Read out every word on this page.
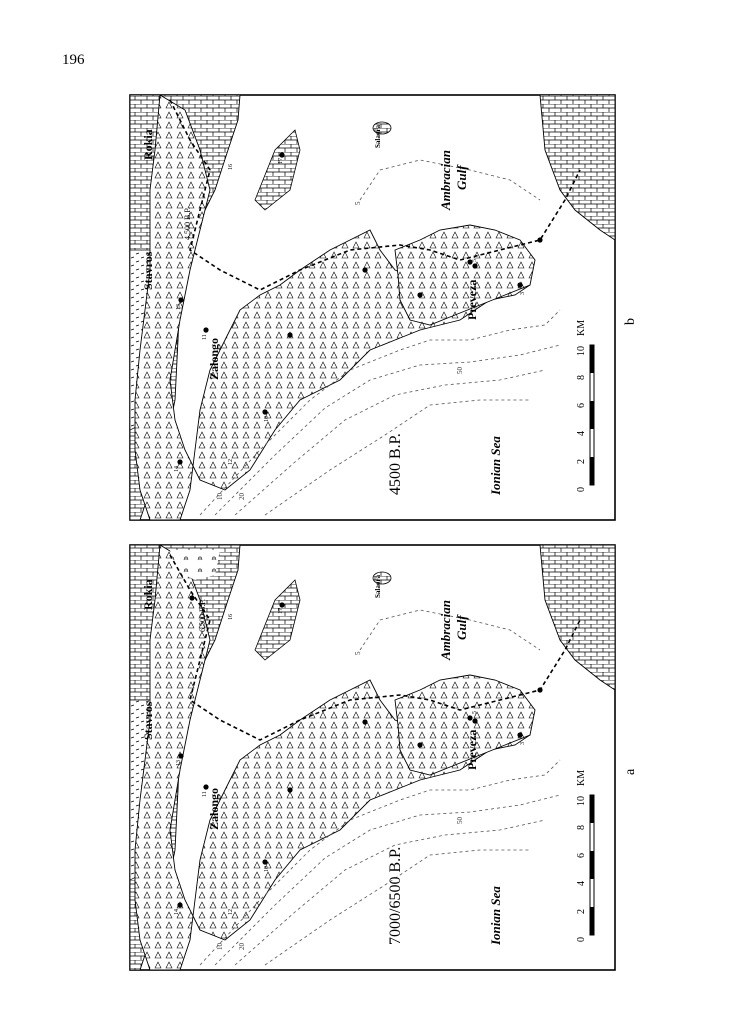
196
Rokia
Stavros
Zalongo
Preveza
Salaora
Ambracian Gulf
Ionian Sea
7000/6500 B.P.
6,500 B.P.
10 20
50
5
14	12
10
13
11
16
17
3
5
0
2
4
6
8
10
KM	a
Rokia
Stavros
Zalongo
Preveza
Salaora
Ambracian Gulf
Ionian Sea
4500 B.P.
4,500 B.P.
10 20
50
5
14
12
10
13
11
16
17
3
5
0
2
4
6
8
10
KM	b
